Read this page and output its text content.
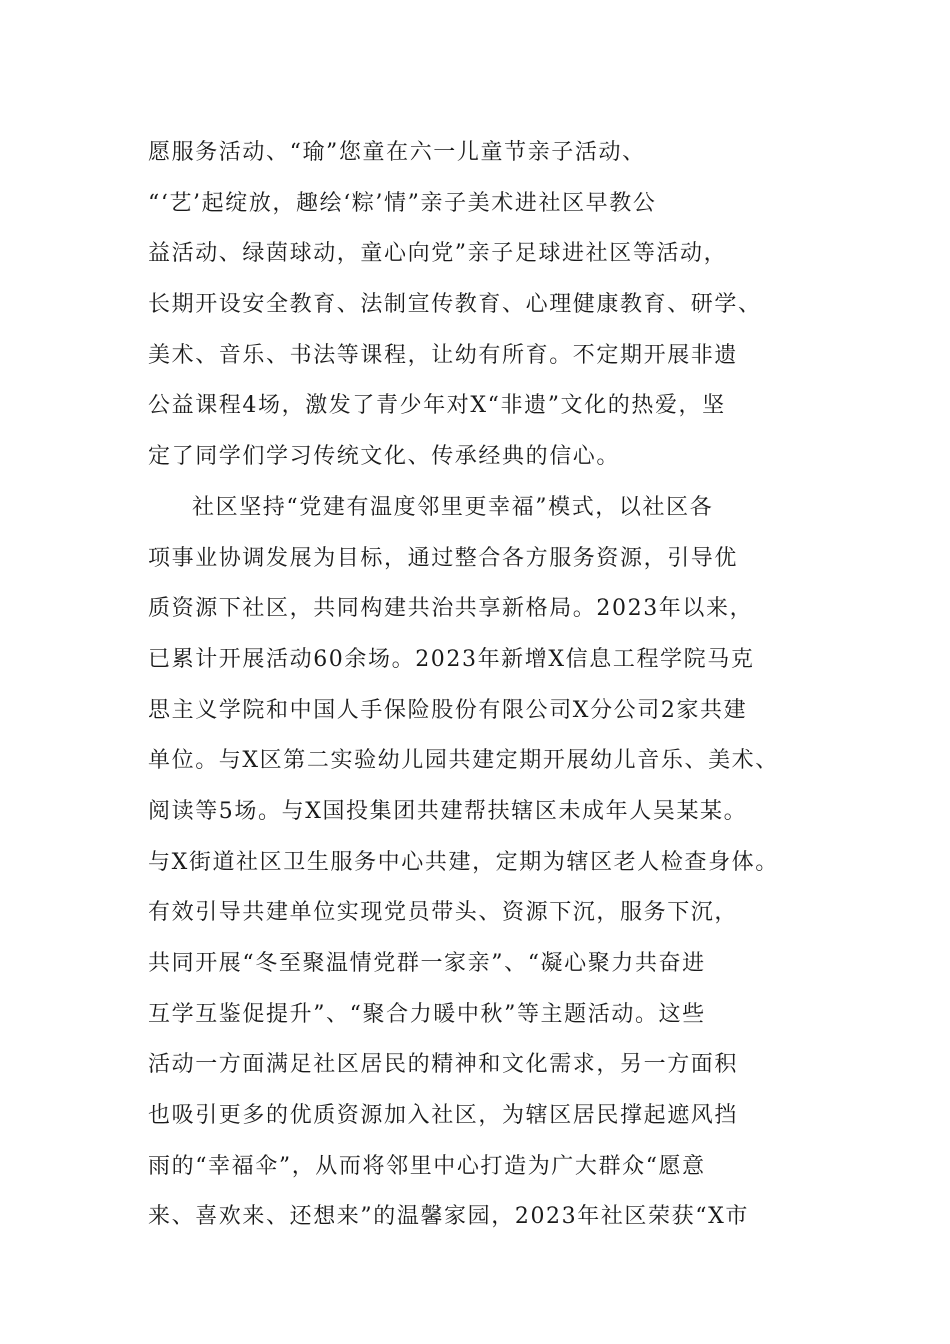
愿服务活动、“瑜”您童在六一儿童节亲子活动、
“‘艺’起绽放，趣绘‘粽’情”亲子美术进社区早教公
益活动、绿茵球动，童心向党”亲子足球进社区等活动，
长期开设安全教育、法制宣传教育、心理健康教育、研学、
美术、音乐、书法等课程，让幼有所育。不定期开展非遗
公益课程4场，激发了青少年对X“非遗”文化的热爱，坚
定了同学们学习传统文化、传承经典的信心。
社区坚持“党建有温度邻里更幸福”模式，以社区各
项事业协调发展为目标，通过整合各方服务资源，引导优
质资源下社区，共同构建共治共享新格局。2023年以来，
已累计开展活动60余场。2023年新增X信息工程学院马克
思主义学院和中国人手保险股份有限公司X分公司2家共建
单位。与X区第二实验幼儿园共建定期开展幼儿音乐、美术、
阅读等5场。与X国投集团共建帮扶辖区未成年人吴某某。
与X街道社区卫生服务中心共建，定期为辖区老人检查身体。
有效引导共建单位实现党员带头、资源下沉，服务下沉，
共同开展“冬至聚温情党群一家亲”、“凝心聚力共奋进
互学互鉴促提升”、“聚合力暖中秋”等主题活动。这些
活动一方面满足社区居民的精神和文化需求，另一方面积
也吸引更多的优质资源加入社区，为辖区居民撑起遮风挡
雨的“幸福伞”，从而将邻里中心打造为广大群众“愿意
来、喜欢来、还想来”的温馨家园，2023年社区荣获“X市
